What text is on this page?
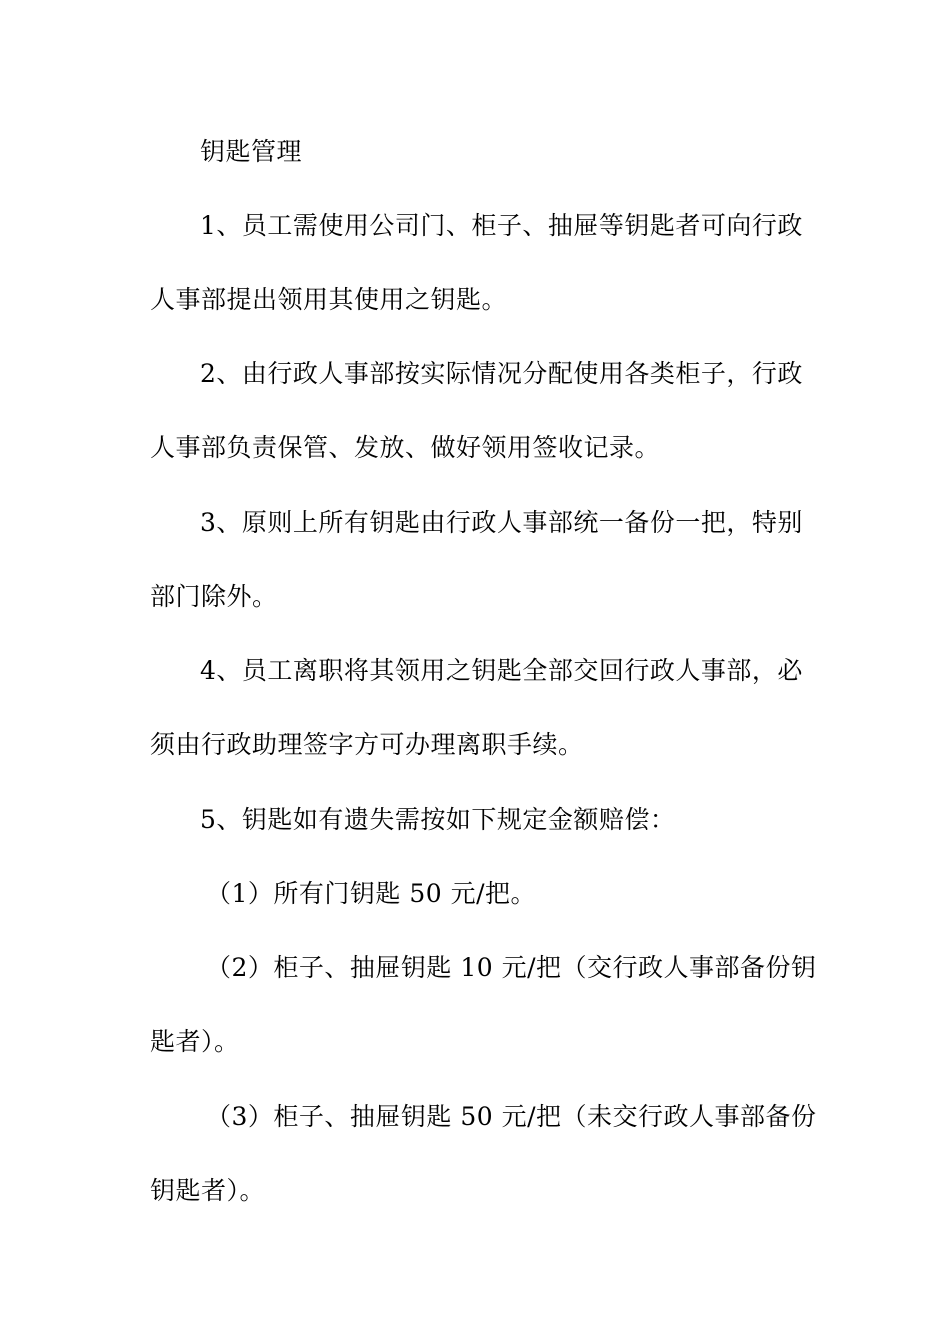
钥匙管理
1、员工需使用公司门、柜子、抽屉等钥匙者可向行政
人事部提出领用其使用之钥匙。
2、由行政人事部按实际情况分配使用各类柜子，行政
人事部负责保管、发放、做好领用签收记录。
3、原则上所有钥匙由行政人事部统一备份一把，特别
部门除外。
4、员工离职将其领用之钥匙全部交回行政人事部，必
须由行政助理签字方可办理离职手续。
5、钥匙如有遗失需按如下规定金额赔偿：
（1）所有门钥匙 50 元/把。
（2）柜子、抽屉钥匙 10 元/把（交行政人事部备份钥
匙者）。
（3）柜子、抽屉钥匙 50 元/把（未交行政人事部备份
钥匙者）。
